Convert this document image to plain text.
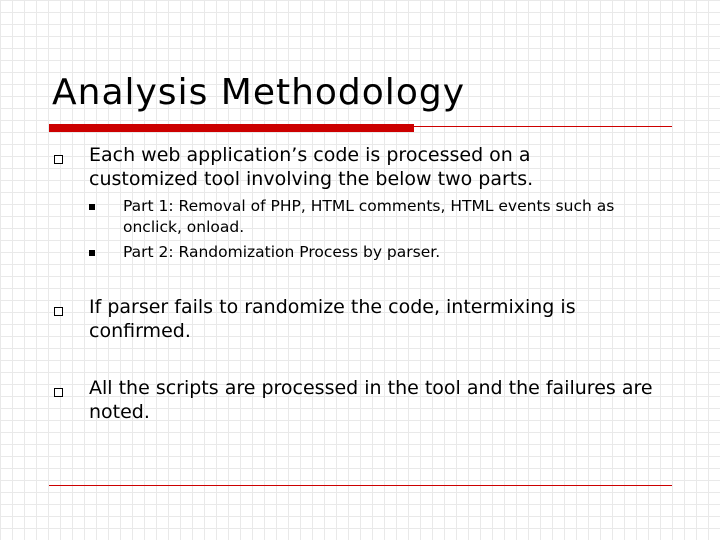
Analysis Methodology
Each web application’s code is processed on a customized tool involving the below two parts.
Part 1: Removal of PHP, HTML comments, HTML events such as onclick, onload.
Part 2: Randomization Process by parser.
If parser fails to randomize the code, intermixing is confirmed.
All the scripts are processed in the tool and the failures are noted.
